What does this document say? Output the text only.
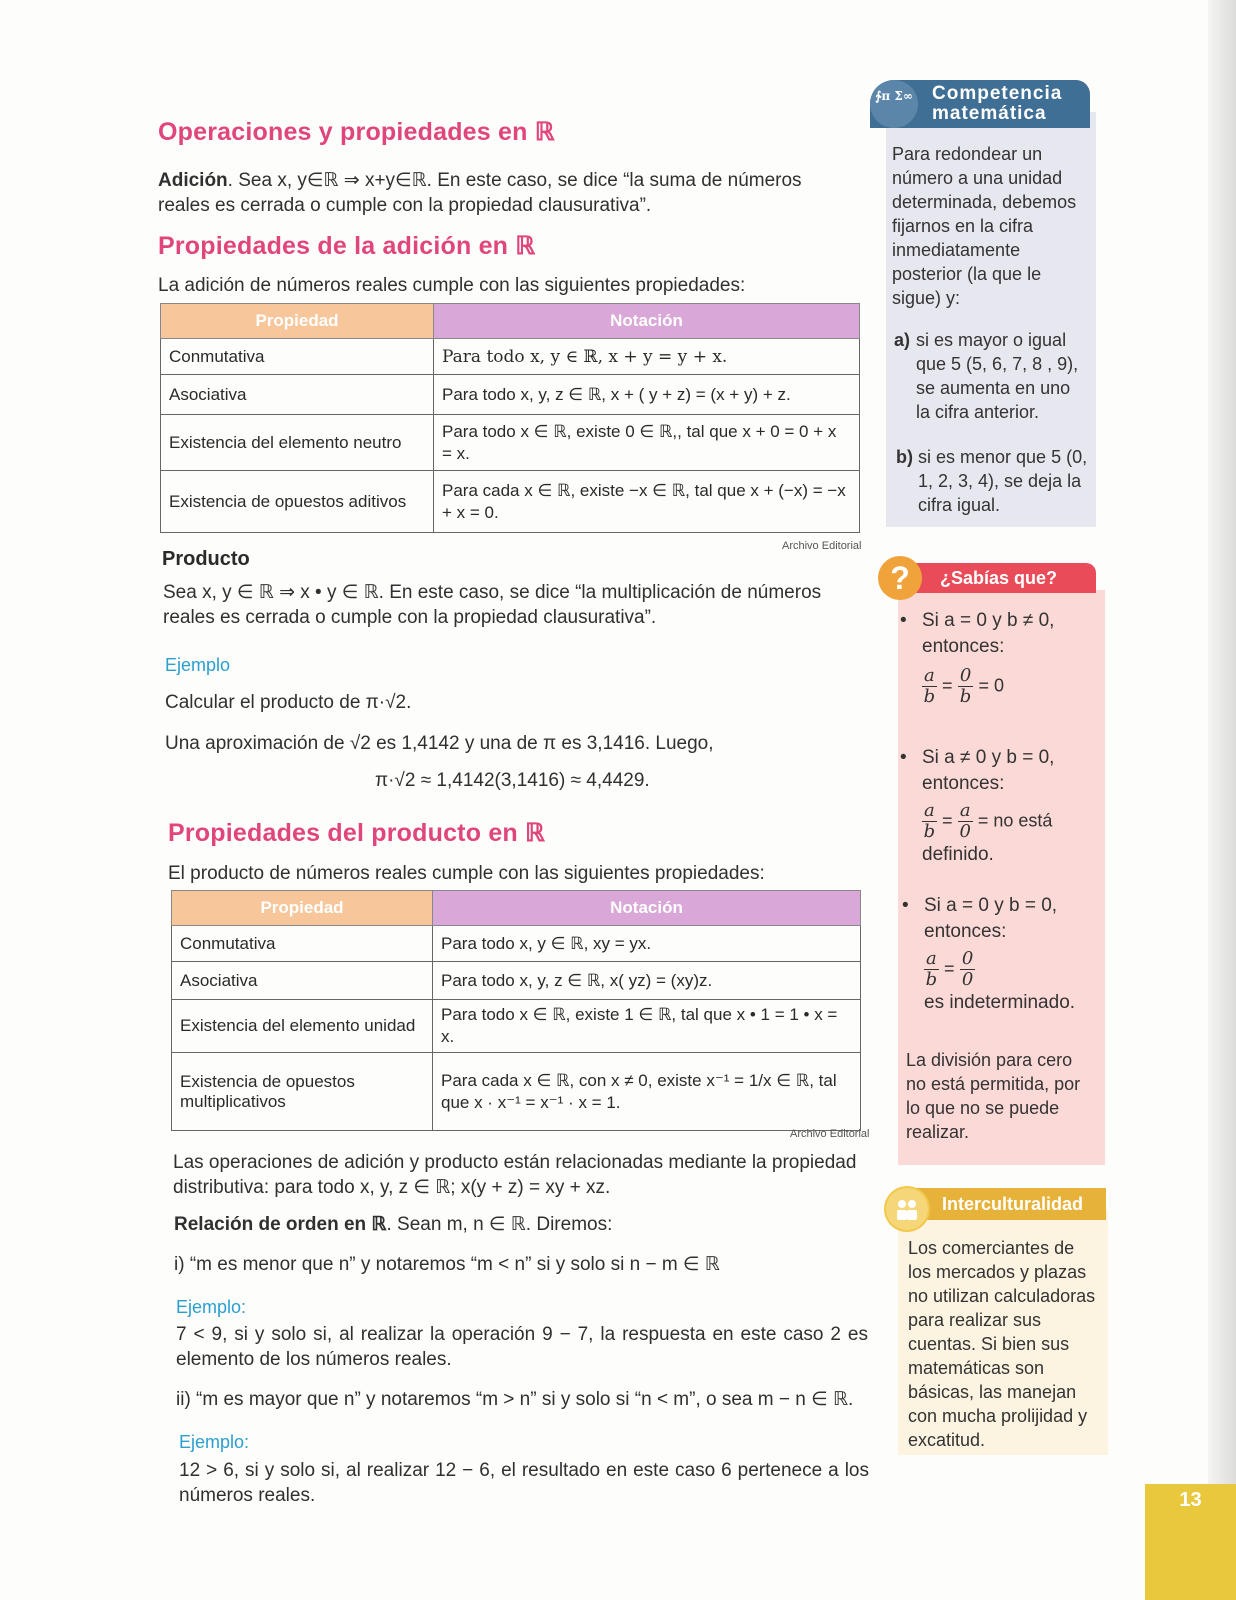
Operaciones y propiedades en ℝ
Adición. Sea x, y∈ℝ ⇒ x+y∈ℝ. En este caso, se dice “la suma de números reales es cerrada o cumple con la propiedad clausurativa”.
Propiedades de la adición en ℝ
La adición de números reales cumple con las siguientes propiedades:
Propiedad	Notación
Conmutativa	Para todo x, y ∈ ℝ, x + y = y + x.
Asociativa	Para todo x, y, z ∈ ℝ, x + ( y + z) = (x + y) + z.
Existencia del elemento neutro	Para todo x ∈ ℝ, existe 0 ∈ ℝ,, tal que x + 0 = 0 + x = x.
Existencia de opuestos aditivos	Para cada x ∈ ℝ, existe −x ∈ ℝ, tal que x + (−x) = −x + x = 0.
Archivo Editorial
Producto
Sea x, y ∈ ℝ ⇒ x • y ∈ ℝ. En este caso, se dice “la multiplicación de números reales es cerrada o cumple con la propiedad clausurativa”.
Ejemplo
Calcular el producto de π·√2.
Una aproximación de √2 es 1,4142 y una de π es 3,1416. Luego,
π·√2 ≈ 1,4142(3,1416) ≈ 4,4429.
Propiedades del producto en ℝ
El producto de números reales cumple con las siguientes propiedades:
Propiedad	Notación
Conmutativa	Para todo x, y ∈ ℝ, xy = yx.
Asociativa	Para todo x, y, z ∈ ℝ, x( yz) = (xy)z.
Existencia del elemento unidad	Para todo x ∈ ℝ, existe 1 ∈ ℝ, tal que x • 1 = 1 • x = x.
Existencia de opuestos multiplicativos	Para cada x ∈ ℝ, con x ≠ 0, existe x⁻¹ = 1/x ∈ ℝ, tal que x · x⁻¹ = x⁻¹ · x = 1.
Archivo Editorial
Las operaciones de adición y producto están relacionadas mediante la propiedad distributiva: para todo x, y, z ∈ ℝ; x(y + z) = xy + xz.
Relación de orden en ℝ. Sean m, n ∈ ℝ. Diremos:
i) “m es menor que n” y notaremos “m < n” si y solo si n − m ∈ ℝ
Ejemplo:
7 < 9, si y solo si, al realizar la operación 9 − 7, la respuesta en este caso 2 es elemento de los números reales.
ii) “m es mayor que n” y notaremos “m > n” si y solo si “n < m”, o sea m − n ∈ ℝ.
Ejemplo:
12 > 6, si y solo si, al realizar 12 − 6, el resultado en este caso 6 pertenece a los números reales.
∱π Σ∞ Competencia
matemática
Para redondear un número a una unidad determinada, debemos fijarnos en la cifra inmediatamente posterior (la que le sigue) y:
a) si es mayor o igual que 5 (5, 6, 7, 8 , 9), se aumenta en uno la cifra anterior.
b) si es menor que 5 (0, 1, 2, 3, 4), se deja la cifra igual.
¿Sabías que?
?
• Si a = 0 y b ≠ 0,
entonces:
$\frac{a}{b} = \frac{0}{b} = 0$
• Si a ≠ 0 y b = 0,
entonces:
$\frac{a}{b} = \frac{a}{0}$ = no está
definido.
• Si a = 0 y b = 0,
entonces:
$\frac{a}{b} = \frac{0}{0}$
es indeterminado.
La división para cero no está permitida, por lo que no se puede realizar.
Interculturalidad
Los comerciantes de los mercados y plazas no utilizan calculadoras para realizar sus cuentas. Si bien sus matemáticas son básicas, las manejan con mucha prolijidad y excatitud.
13
